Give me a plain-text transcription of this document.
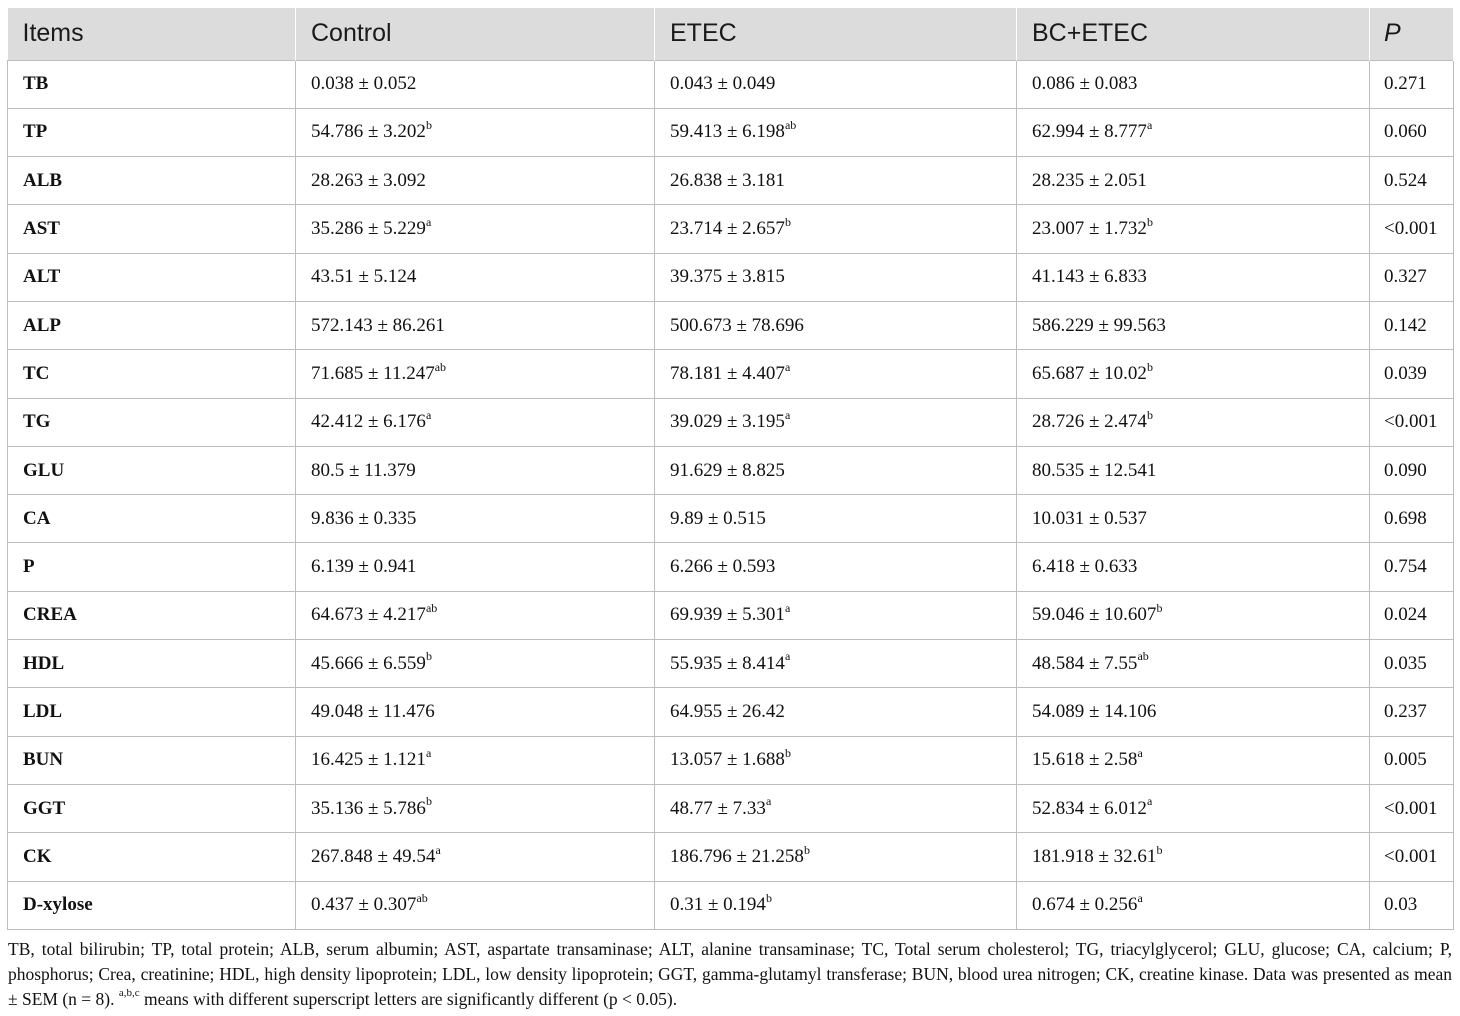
Items	Control	ETEC	BC+ETEC	P
TB	0.038 ± 0.052	0.043 ± 0.049	0.086 ± 0.083	0.271
TP	54.786 ± 3.202$^b$	59.413 ± 6.198$^{ab}$	62.994 ± 8.777$^a$	0.060
ALB	28.263 ± 3.092	26.838 ± 3.181	28.235 ± 2.051	0.524
AST	35.286 ± 5.229$^a$	23.714 ± 2.657$^b$	23.007 ± 1.732$^b$	<0.001
ALT	43.51 ± 5.124	39.375 ± 3.815	41.143 ± 6.833	0.327
ALP	572.143 ± 86.261	500.673 ± 78.696	586.229 ± 99.563	0.142
TC	71.685 ± 11.247$^{ab}$	78.181 ± 4.407$^a$	65.687 ± 10.02$^b$	0.039
TG	42.412 ± 6.176$^a$	39.029 ± 3.195$^a$	28.726 ± 2.474$^b$	<0.001
GLU	80.5 ± 11.379	91.629 ± 8.825	80.535 ± 12.541	0.090
CA	9.836 ± 0.335	9.89 ± 0.515	10.031 ± 0.537	0.698
P	6.139 ± 0.941	6.266 ± 0.593	6.418 ± 0.633	0.754
CREA	64.673 ± 4.217$^{ab}$	69.939 ± 5.301$^a$	59.046 ± 10.607$^b$	0.024
HDL	45.666 ± 6.559$^b$	55.935 ± 8.414$^a$	48.584 ± 7.55$^{ab}$	0.035
LDL	49.048 ± 11.476	64.955 ± 26.42	54.089 ± 14.106	0.237
BUN	16.425 ± 1.121$^a$	13.057 ± 1.688$^b$	15.618 ± 2.58$^a$	0.005
GGT	35.136 ± 5.786$^b$	48.77 ± 7.33$^a$	52.834 ± 6.012$^a$	<0.001
CK	267.848 ± 49.54$^a$	186.796 ± 21.258$^b$	181.918 ± 32.61$^b$	<0.001
D-xylose	0.437 ± 0.307$^{ab}$	0.31 ± 0.194$^b$	0.674 ± 0.256$^a$	0.03
TB, total bilirubin; TP, total protein; ALB, serum albumin; AST, aspartate transaminase; ALT, alanine transaminase; TC, Total serum cholesterol; TG, triacylglycerol; GLU, glucose; CA, calcium; P, phosphorus; Crea, creatinine; HDL, high density lipoprotein; LDL, low density lipoprotein; GGT, gamma-glutamyl transferase; BUN, blood urea nitrogen; CK, creatine kinase. Data was presented as mean ± SEM (n = 8). $^{a,b,c}$ means with different superscript letters are significantly different (p < 0.05).
